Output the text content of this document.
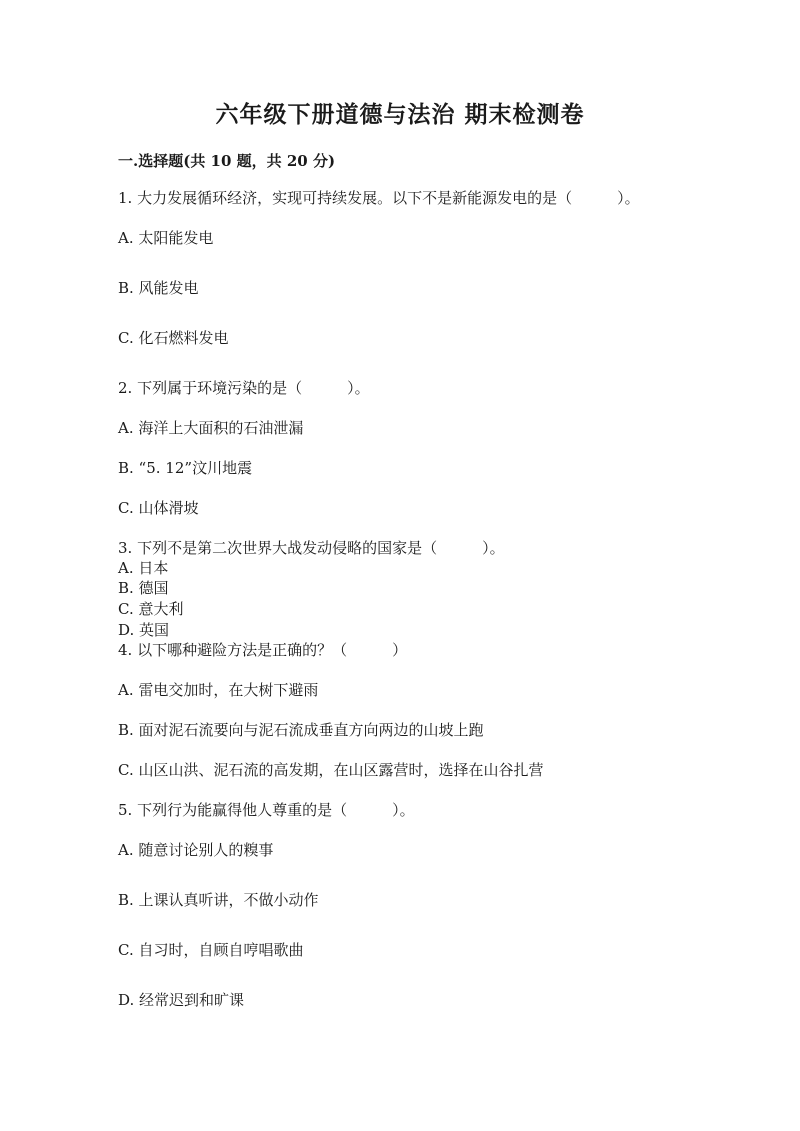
六年级下册道德与法治 期末检测卷
一.选择题(共 10 题，共 20 分)
1. 大力发展循环经济，实现可持续发展。以下不是新能源发电的是（　　　）。
A. 太阳能发电
B. 风能发电
C. 化石燃料发电
2. 下列属于环境污染的是（　　　）。
A. 海洋上大面积的石油泄漏
B. “5. 12”汶川地震
C. 山体滑坡
3. 下列不是第二次世界大战发动侵略的国家是（　　　）。
A. 日本
B. 德国
C. 意大利
D. 英国
4. 以下哪种避险方法是正确的？（　　　）
A. 雷电交加时，在大树下避雨
B. 面对泥石流要向与泥石流成垂直方向两边的山坡上跑
C. 山区山洪、泥石流的高发期，在山区露营时，选择在山谷扎营
5. 下列行为能赢得他人尊重的是（　　　）。
A. 随意讨论别人的糗事
B. 上课认真听讲，不做小动作
C. 自习时，自顾自哼唱歌曲
D. 经常迟到和旷课
